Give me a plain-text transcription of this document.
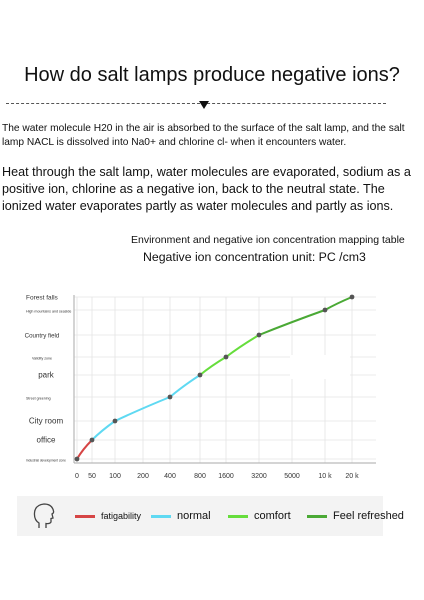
How do salt lamps produce negative ions?
The water molecule H20 in the air is absorbed to the surface of the salt lamp, and the salt lamp NACL is dissolved into Na0+ and chlorine cl- when it encounters water.
Heat through the salt lamp, water molecules are evaporated, sodium as a positive ion, chlorine as a negative ion, back to the neutral state. The ionized water evaporates partly as water molecules and partly as ions.
Environment and negative ion concentration mapping table
Negative ion concentration unit: PC /cm3
Industrial development zone
office
City room
Street greening
park
Validity zone
Country field
High mountains and seaside
Forest falls
0 50 100 200 400	800 1600 3200 5000	10 k 20 k
fatigability	normal	comfort	Feel refreshed
